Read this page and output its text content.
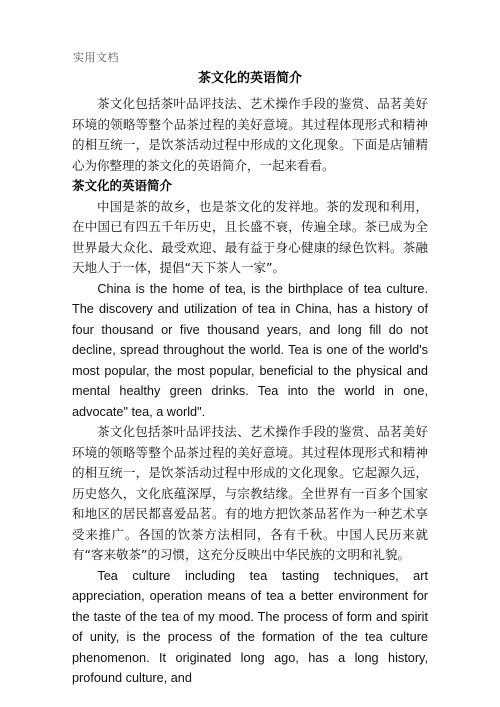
实用文档
茶文化的英语简介

茶文化包括茶叶品评技法、艺术操作手段的鉴赏、品茗美好环境的领略等整个品茶过程的美好意境。其过程体现形式和精神的相互统一，是饮茶活动过程中形成的文化现象。下面是店铺精心为你整理的茶文化的英语简介，一起来看看。

茶文化的英语简介

中国是茶的故乡，也是茶文化的发祥地。茶的发现和利用，在中国已有四五千年历史，且长盛不衰，传遍全球。茶已成为全世界最大众化、最受欢迎、最有益于身心健康的绿色饮料。茶融天地人于一体，提倡“天下茶人一家”。

China is the home of tea, is the birthplace of tea culture. The discovery and utilization of tea in China, has a history of four thousand or five thousand years, and long fill do not decline, spread throughout the world. Tea is one of the world's most popular, the most popular, beneficial to the physical and mental healthy green drinks. Tea into the world in one, advocate" tea, a world".

茶文化包括茶叶品评技法、艺术操作手段的鉴赏、品茗美好环境的领略等整个品茶过程的美好意境。其过程体现形式和精神的相互统一，是饮茶活动过程中形成的文化现象。它起源久远，历史悠久，文化底蕴深厚，与宗教结缘。全世界有一百多个国家和地区的居民都喜爱品茗。有的地方把饮茶品茗作为一种艺术享受来推广。各国的饮茶方法相同，各有千秋。中国人民历来就有“客来敬茶”的习惯，这充分反映出中华民族的文明和礼貌。

Tea culture including tea tasting techniques, art appreciation, operation means of tea a better environment for the taste of the tea of my mood. The process of form and spirit of unity, is the process of the formation of the tea culture phenomenon. It originated long ago, has a long history, profound culture, and
